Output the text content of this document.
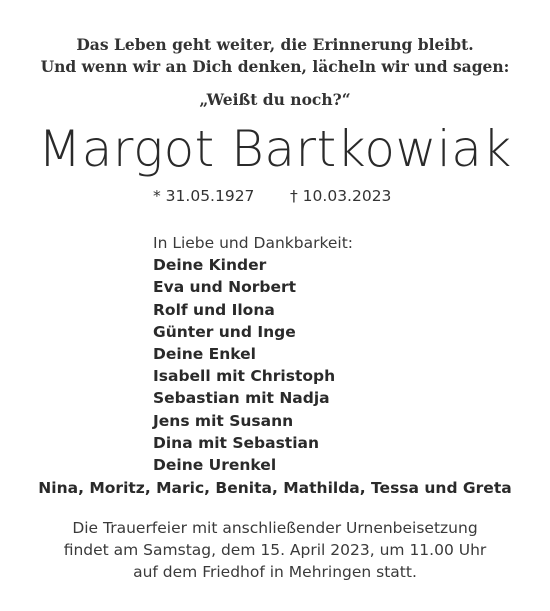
Das Leben geht weiter, die Erinnerung bleibt.
Und wenn wir an Dich denken, lächeln wir und sagen:
„Weißt du noch?“
Margot Bartkowiak
* 31.05.1927 † 10.03.2023
In Liebe und Dankbarkeit:
Deine Kinder
Eva und Norbert
Rolf und Ilona
Günter und Inge
Deine Enkel
Isabell mit Christoph
Sebastian mit Nadja
Jens mit Susann
Dina mit Sebastian
Deine Urenkel
Nina, Moritz, Maric, Benita, Mathilda, Tessa und Greta
Die Trauerfeier mit anschließender Urnenbeisetzung
findet am Samstag, dem 15. April 2023, um 11.00 Uhr
auf dem Friedhof in Mehringen statt.
